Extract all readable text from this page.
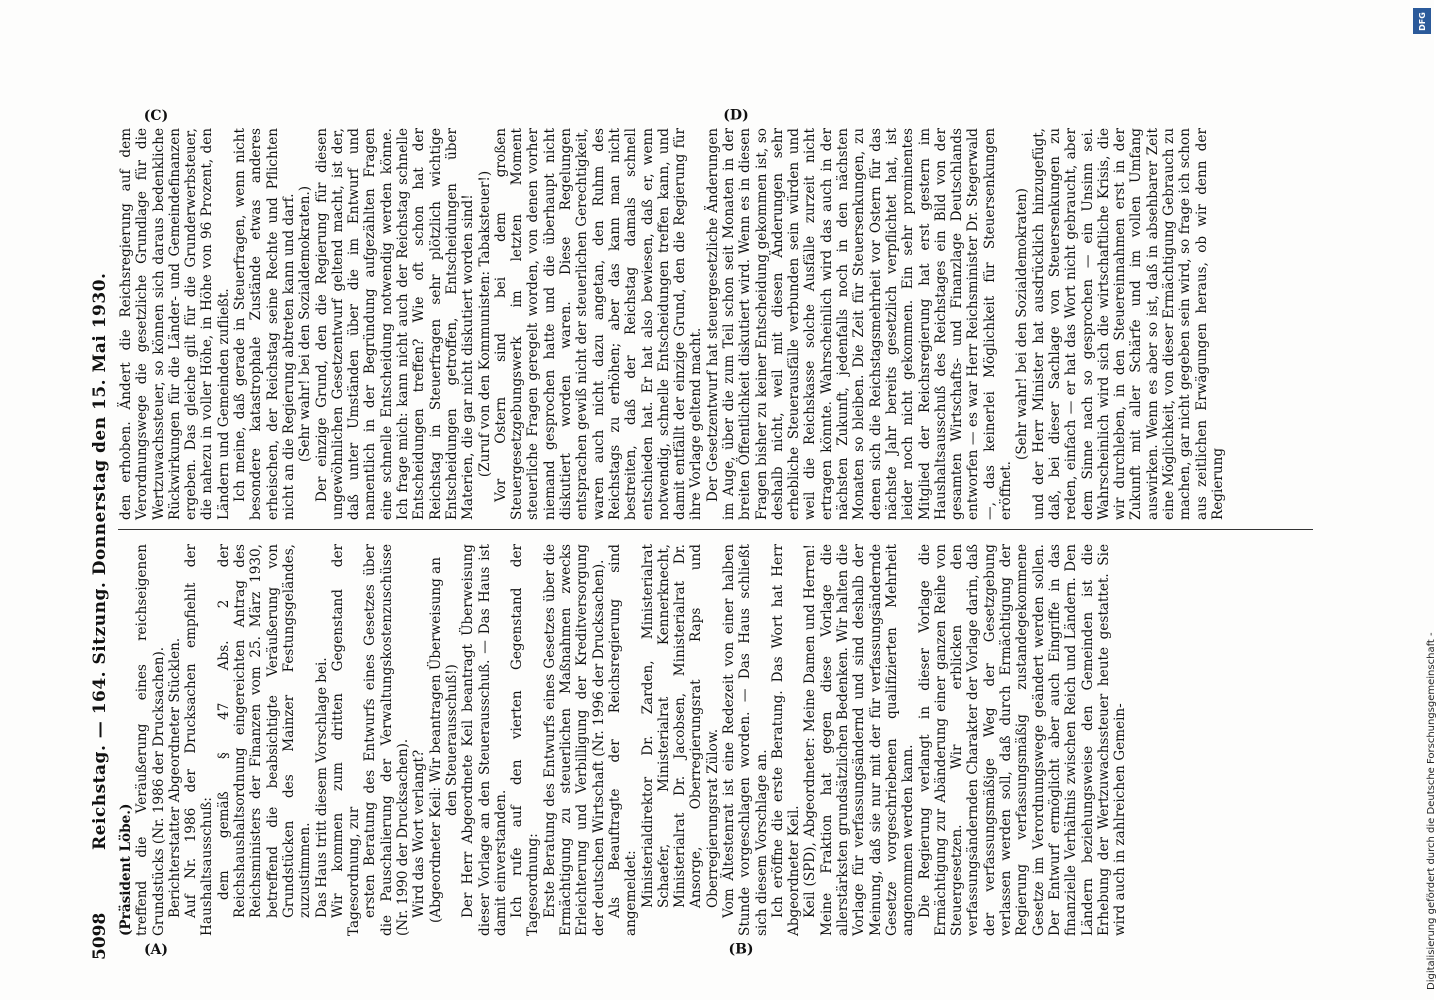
5098
Reichstag. — 164. Sitzung. Donnerstag den 15. Mai 1930.

(Präsident Löbe.) treffend die Veräußerung eines reichseigenen Grundstücks (Nr. 1986 der Drucksachen). Berichterstatter Abgeordneter Stücklen. Auf Nr. 1986 der Drucksachen empfiehlt der Haushaltsausschuß: dem gemäß § 47 Abs. 2 der Reichshaushaltsordnung eingereichten Antrag des Reichsministers der Finanzen vom 25. März 1930, betreffend die beabsichtigte Veräußerung von Grundstücken des Mainzer Festungsgeländes, zuzustimmen. Das Haus tritt diesem Vorschlage bei. Wir kommen zum dritten Gegenstand der Tagesordnung, zur ersten Beratung des Entwurfs eines Gesetzes über die Pauschalierung der Verwaltungskostenzuschüsse (Nr. 1990 der Drucksachen). Wird das Wort verlangt? (Abgeordneter Keil: Wir beantragen Überweisung an den Steuerausschuß!) Der Herr Abgeordnete Keil beantragt Überweisung dieser Vorlage an den Steuerausschuß. — Das Haus ist damit einverstanden. Ich rufe auf den vierten Gegenstand der Tagesordnung: Erste Beratung des Entwurfs eines Gesetzes über die Ermächtigung zu steuerlichen Maßnahmen zwecks Erleichterung und Verbilligung der Kreditversorgung der deutschen Wirtschaft (Nr. 1996 der Drucksachen). Als Beauftragte der Reichsregierung sind angemeldet: Ministerialdirektor Dr. Zarden, Ministerialrat Schaefer, Ministerialrat Kennerknecht, Ministerialrat Dr. Jacobsen, Ministerialrat Dr. Ansorge, Oberregierungsrat Raps und Oberregierungsrat Zülow. Vom Ältestenrat ist eine Redezeit von einer halben Stunde vorgeschlagen worden. — Das Haus schließt sich diesem Vorschlage an. Ich eröffne die erste Beratung. Das Wort hat Herr Abgeordneter Keil. Keil (SPD), Abgeordneter: Meine Damen und Herren! Meine Fraktion hat gegen diese Vorlage die allerstärksten grundsätzlichen Bedenken. Wir halten die Vorlage für verfassungsändernd und sind deshalb der Meinung, daß sie nur mit der für verfassungsändernde Gesetze vorgeschriebenen qualifizierten Mehrheit angenommen werden kann. Die Regierung verlangt in dieser Vorlage die Ermächtigung zur Abänderung einer ganzen Reihe von Steuergesetzen. Wir erblicken den verfassungsändernden Charakter der Vorlage darin, daß der verfassungsmäßige Weg der Gesetzgebung verlassen werden soll, daß durch Ermächtigung der Regierung verfassungsmäßig zustandegekommene Gesetze im Verordnungswege geändert werden sollen. Der Entwurf ermöglicht aber auch Eingriffe in das finanzielle Verhältnis zwischen Reich und Ländern. Den Ländern beziehungsweise den Gemeinden ist die Erhebung der Wertzuwachssteuer heute gestattet. Sie wird auch in zahlreichen Gemein-

den erhoben. Ändert die Reichsregierung auf dem Verordnungswege die gesetzliche Grundlage für die Wertzuwachssteuer, so können sich daraus bedenkliche Rückwirkungen für die Länder- und Gemeindefinanzen ergeben. Das gleiche gilt für die Grunderwerbsteuer, die nahezu in voller Höhe, in Höhe von 96 Prozent, den Ländern und Gemeinden zufließt. Ich meine, daß gerade in Steuerfragen, wenn nicht besondere katastrophale Zustände etwas anderes erheischen, der Reichstag seine Rechte und Pflichten nicht an die Regierung abtreten kann und darf. (Sehr wahr! bei den Sozialdemokraten.) Der einzige Grund, den die Regierung für diesen ungewöhnlichen Gesetzentwurf geltend macht, ist der, daß unter Umständen über die im Entwurf und namentlich in der Begründung aufgezählten Fragen eine schnelle Entscheidung notwendig werden könne. Ich frage mich: kann nicht auch der Reichstag schnelle Entscheidungen treffen? Wie oft schon hat der Reichstag in Steuerfragen sehr plötzlich wichtige Entscheidungen getroffen, Entscheidungen über Materien, die gar nicht diskutiert worden sind! (Zuruf von den Kommunisten: Tabaksteuer!) Vor Ostern sind bei dem großen Steuergesetzgebungswerk im letzten Moment steuerliche Fragen geregelt worden, von denen vorher niemand gesprochen hatte und die überhaupt nicht diskutiert worden waren. Diese Regelungen entsprachen gewiß nicht der steuerlichen Gerechtigkeit, waren auch nicht dazu angetan, den Ruhm des Reichstags zu erhöhen; aber das kann man nicht bestreiten, daß der Reichstag damals schnell entschieden hat. Er hat also bewiesen, daß er, wenn notwendig, schnelle Entscheidungen treffen kann, und damit entfällt der einzige Grund, den die Regierung für ihre Vorlage geltend macht. Der Gesetzentwurf hat steuergesetzliche Änderungen im Auge, über die zum Teil schon seit Monaten in der breiten Öffentlichkeit diskutiert wird. Wenn es in diesen Fragen bisher zu keiner Entscheidung gekommen ist, so deshalb nicht, weil mit diesen Änderungen sehr erhebliche Steuerausfälle verbunden sein würden und weil die Reichskasse solche Ausfälle zurzeit nicht ertragen könnte. Wahrscheinlich wird das auch in der nächsten Zukunft, jedenfalls noch in den nächsten Monaten so bleiben. Die Zeit für Steuersenkungen, zu denen sich die Reichstagsmehrheit vor Ostern für das nächste Jahr bereits gesetzlich verpflichtet hat, ist leider noch nicht gekommen. Ein sehr prominentes Mitglied der Reichsregierung hat erst gestern im Haushaltsausschuß des Reichstages ein Bild von der gesamten Wirtschafts- und Finanzlage Deutschlands entworfen — es war Herr Reichsminister Dr. Stegerwald —, das keinerlei Möglichkeit für Steuersenkungen eröffnet.

(Sehr wahr! bei den Sozialdemokraten) und der Herr Minister hat ausdrücklich hinzugefügt, daß, bei dieser Sachlage von Steuersenkungen zu reden, einfach — er hat das Wort nicht gebraucht, aber dem Sinne nach so gesprochen — ein Unsinn sei. Wahrscheinlich wird sich die wirtschaftliche Krisis, die wir durchleben, in den Steuereinnahmen erst in der Zukunft mit aller Schärfe und im vollen Umfang auswirken. Wenn es aber so ist, daß in absehbarer Zeit eine Möglichkeit, von dieser Ermächtigung Gebrauch zu machen, gar nicht gegeben sein wird, so frage ich schon aus zeitlichen Erwägungen heraus, ob wir denn der Regierung

(A)	(B)
(C)	(D)
DFG
Digitalisierung gefördert durch die Deutsche Forschungsgemeinschaft -
